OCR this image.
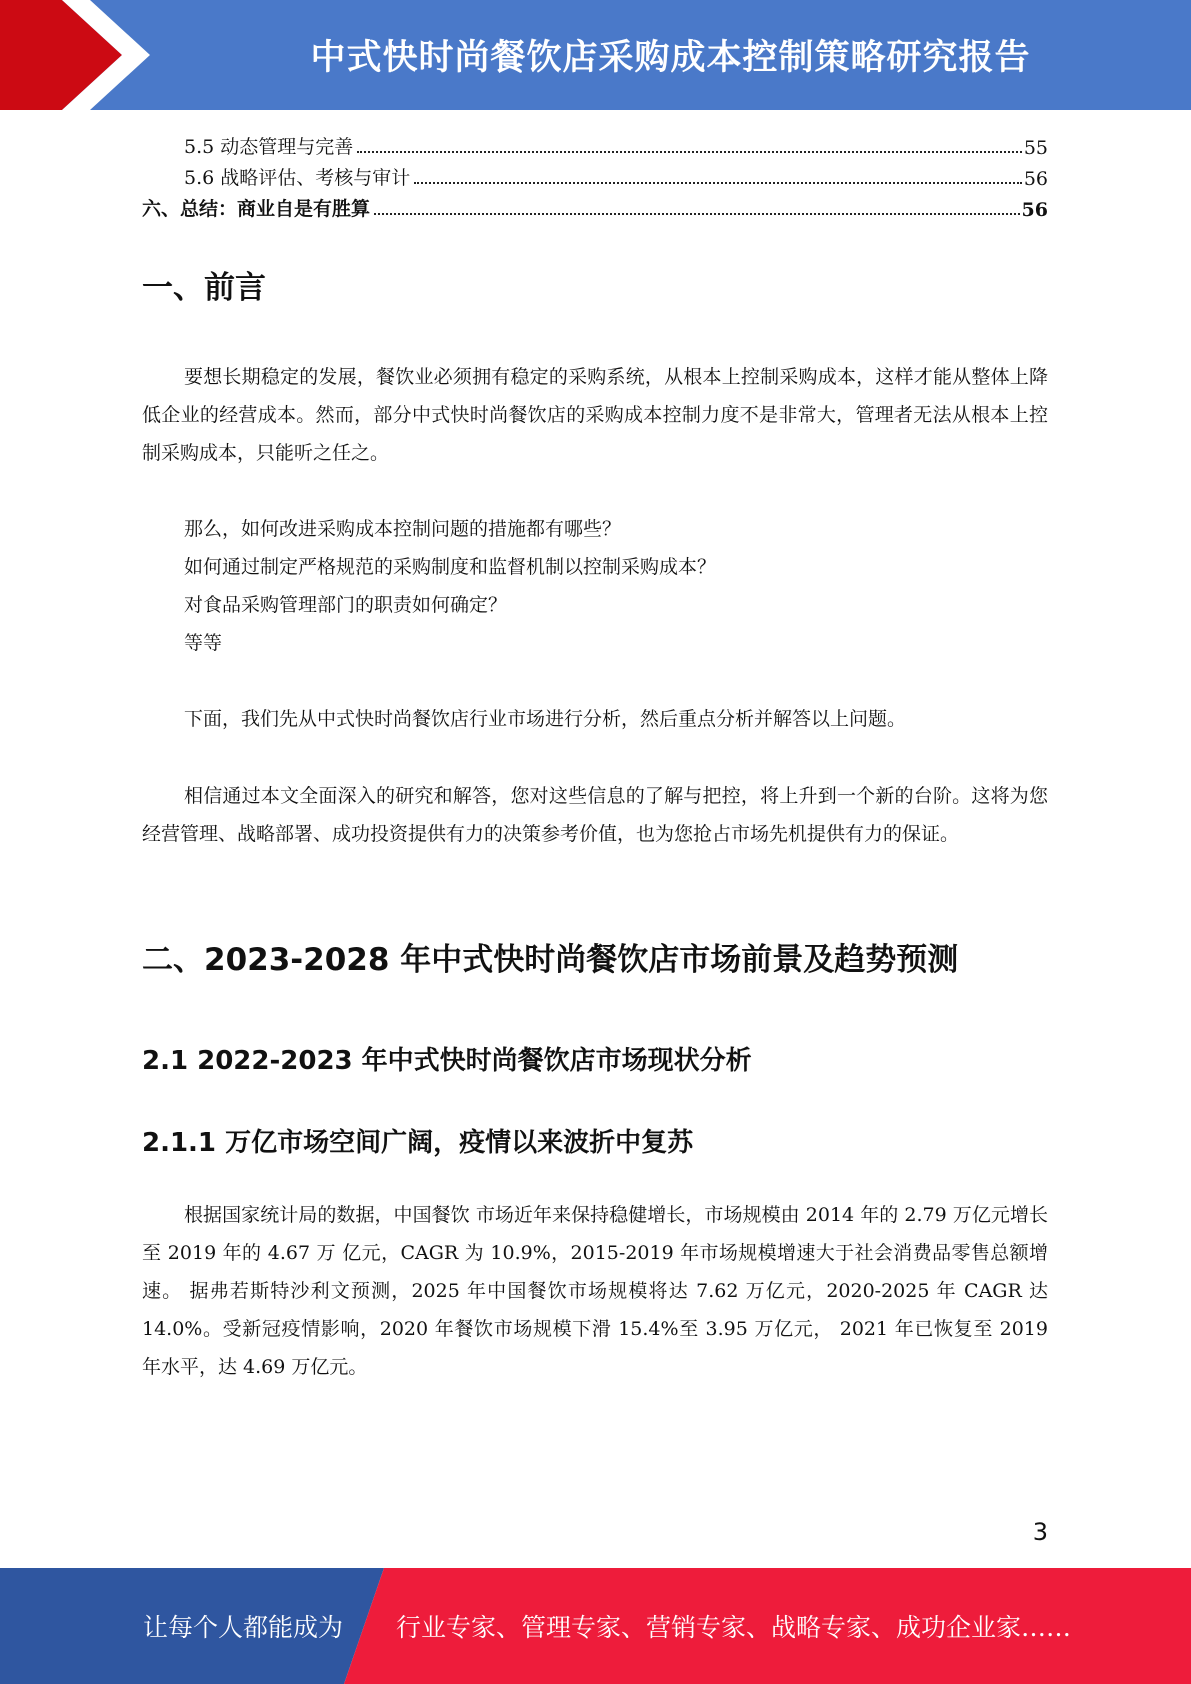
中式快时尚餐饮店采购成本控制策略研究报告
5.5 动态管理与完善	55
5.6 战略评估、考核与审计	56
六、总结：商业自是有胜算	56
一、前言

要想长期稳定的发展，餐饮业必须拥有稳定的采购系统，从根本上控制采购成本，这样才能从整体上降低企业的经营成本。然而，部分中式快时尚餐饮店的采购成本控制力度不是非常大，管理者无法从根本上控制采购成本，只能听之任之。

那么，如何改进采购成本控制问题的措施都有哪些？
如何通过制定严格规范的采购制度和监督机制以控制采购成本？
对食品采购管理部门的职责如何确定？
等等

下面，我们先从中式快时尚餐饮店行业市场进行分析，然后重点分析并解答以上问题。

相信通过本文全面深入的研究和解答，您对这些信息的了解与把控，将上升到一个新的台阶。这将为您经营管理、战略部署、成功投资提供有力的决策参考价值，也为您抢占市场先机提供有力的保证。

二、2023-2028 年中式快时尚餐饮店市场前景及趋势预测
2.1 2022-2023 年中式快时尚餐饮店市场现状分析
2.1.1 万亿市场空间广阔，疫情以来波折中复苏

根据国家统计局的数据，中国餐饮 市场近年来保持稳健增长，市场规模由 2014 年的 2.79 万亿元增长至 2019 年的 4.67 万 亿元，CAGR 为 10.9%，2015-2019 年市场规模增速大于社会消费品零售总额增速。 据弗若斯特沙利文预测，2025 年中国餐饮市场规模将达 7.62 万亿元，2020-2025 年 CAGR 达 14.0%。受新冠疫情影响，2020 年餐饮市场规模下滑 15.4%至 3.95 万亿元， 2021 年已恢复至 2019 年水平，达 4.69 万亿元。

3
让每个人都能成为 行业专家、管理专家、营销专家、战略专家、成功企业家……
